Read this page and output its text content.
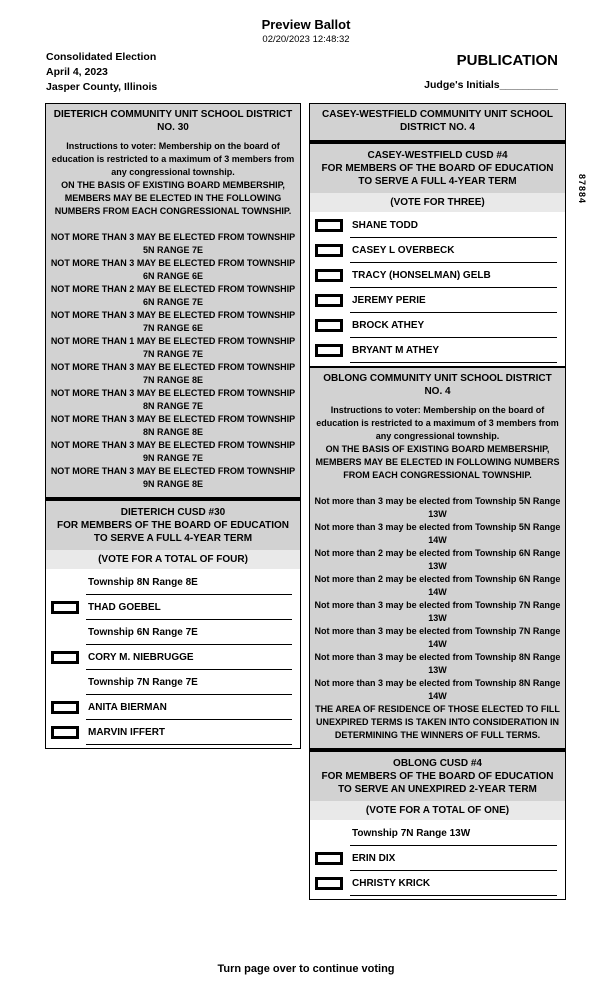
Preview Ballot
02/20/2023 12:48:32
Consolidated Election
April 4, 2023
Jasper County, Illinois
PUBLICATION
Judge's Initials__________
87884
DIETERICH COMMUNITY UNIT SCHOOL DISTRICT NO. 30
Instructions to voter: Membership on the board of education is restricted to a maximum of 3 members from any congressional township.
ON THE BASIS OF EXISTING BOARD MEMBERSHIP, MEMBERS MAY BE ELECTED IN THE FOLLOWING NUMBERS FROM EACH CONGRESSIONAL TOWNSHIP.
NOT MORE THAN 3 MAY BE ELECTED FROM TOWNSHIP 5N RANGE 7E
NOT MORE THAN 3 MAY BE ELECTED FROM TOWNSHIP 6N RANGE 6E
NOT MORE THAN 2 MAY BE ELECTED FROM TOWNSHIP 6N RANGE 7E
NOT MORE THAN 3 MAY BE ELECTED FROM TOWNSHIP 7N RANGE 6E
NOT MORE THAN 1 MAY BE ELECTED FROM TOWNSHIP 7N RANGE 7E
NOT MORE THAN 3 MAY BE ELECTED FROM TOWNSHIP 7N RANGE 8E
NOT MORE THAN 3 MAY BE ELECTED FROM TOWNSHIP 8N RANGE 7E
NOT MORE THAN 3 MAY BE ELECTED FROM TOWNSHIP 8N RANGE 8E
NOT MORE THAN 3 MAY BE ELECTED FROM TOWNSHIP 9N RANGE 7E
NOT MORE THAN 3 MAY BE ELECTED FROM TOWNSHIP 9N RANGE 8E
DIETERICH CUSD #30
FOR MEMBERS OF THE BOARD OF EDUCATION
TO SERVE A FULL 4-YEAR TERM
(VOTE FOR A TOTAL OF FOUR)
Township 8N Range 8E
THAD GOEBEL
Township 6N Range 7E
CORY M. NIEBRUGGE
Township 7N Range 7E
ANITA BIERMAN
MARVIN IFFERT
CASEY-WESTFIELD COMMUNITY UNIT SCHOOL DISTRICT NO. 4
CASEY-WESTFIELD CUSD #4
FOR MEMBERS OF THE BOARD OF EDUCATION
TO SERVE A FULL 4-YEAR TERM
(VOTE FOR THREE)
SHANE TODD
CASEY L OVERBECK
TRACY (HONSELMAN) GELB
JEREMY PERIE
BROCK ATHEY
BRYANT M ATHEY
OBLONG COMMUNITY UNIT SCHOOL DISTRICT NO. 4
Instructions to voter: Membership on the board of education is restricted to a maximum of 3 members from any congressional township.
ON THE BASIS OF EXISTING BOARD MEMBERSHIP, MEMBERS MAY BE ELECTED IN FOLLOWING NUMBERS FROM EACH CONGRESSIONAL TOWNSHIP.
Not more than 3 may be elected from Township 5N Range 13W
Not more than 3 may be elected from Township 5N Range 14W
Not more than 2 may be elected from Township 6N Range 13W
Not more than 2 may be elected from Township 6N Range 14W
Not more than 3 may be elected from Township 7N Range 13W
Not more than 3 may be elected from Township 7N Range 14W
Not more than 3 may be elected from Township 8N Range 13W
Not more than 3 may be elected from Township 8N Range 14W
THE AREA OF RESIDENCE OF THOSE ELECTED TO FILL UNEXPIRED TERMS IS TAKEN INTO CONSIDERATION IN DETERMINING THE WINNERS OF FULL TERMS.
OBLONG CUSD #4
FOR MEMBERS OF THE BOARD OF EDUCATION
TO SERVE AN UNEXPIRED 2-YEAR TERM
(VOTE FOR A TOTAL OF ONE)
Township 7N Range 13W
ERIN DIX
CHRISTY KRICK
Turn page over to continue voting
